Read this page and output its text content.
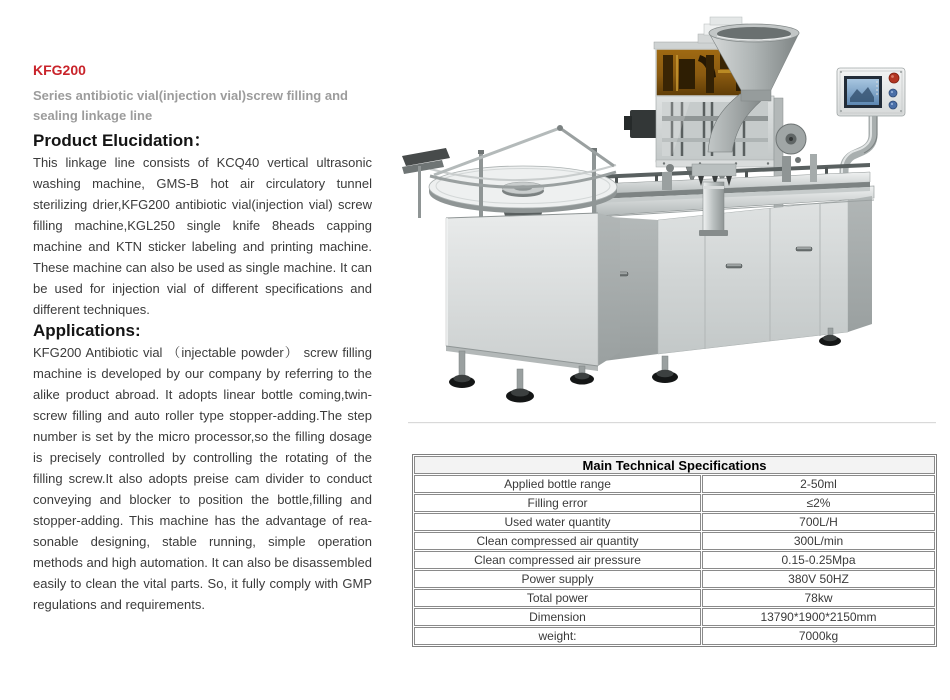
KFG200

Series antibiotic vial(injection vial)screw filling and sealing linkage line

Product Elucidation：

This linkage line consists of KCQ40 vertical ultrasonic washing machine, GMS-B hot air circulatory tunnel sterilizing drier,KFG200 antibiotic vial(injection vial) screw filling machine,KGL250 single knife 8heads capping machine and KTN sticker labeling and printing machine. These machine can also be used as single machine. It can be used for injection vial of different specifications and different techniques.

Applications:

KFG200 Antibiotic vial （injectable powder） screw filling machine is developed by our company by referring to the alike product abroad. It adopts linear bottle coming,twin-screw filling and auto roller type stopper-adding.The step number is set by the micro processor,so the filling dosage is precisely controlled by controlling the rotating of the filling screw.It also adopts preise cam divider to conduct conveying and blocker to position the bottle,filling and stopper-adding. This machine has the advantage of rea- sonable designing, stable running, simple operation methods and high automation. It can also be disassembled easily to clean the vital parts. So, it fully comply with GMP regulations and requirements.

Main Technical Specifications	
Applied bottle range	2-50ml
Filling error	≤2%
Used water quantity	700L/H
Clean compressed air quantity	300L/min
Clean compressed air pressure	0.15-0.25Mpa
Power supply	380V 50HZ
Total power	78kw
Dimension	13790*1900*2150mm
weight:	7000kg
